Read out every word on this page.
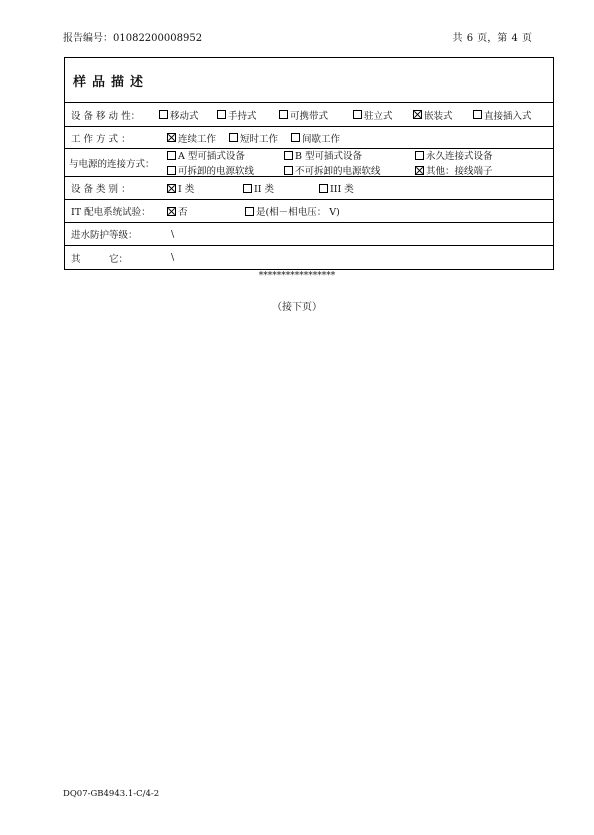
报告编号：0108220000895​2	共 6 页，第 4 页
样品描述
设 备 移 动 性：	移动式	手持式	可携带式	驻立式	嵌装式	直接插入式
工 作 方 式 ：	连续工作	短时工作	间歇工作
与电源的连接方式：
A 型可插式设备	B 型可插式设备	永久连接式设备
可拆卸的电源软线	不可拆卸的电源软线	其他：接线端子
设 备 类 别 ：	I 类	II 类	III 类
IT 配电系统试验：	否	是(相－相电压： V)
进水防护等级：	\
其　　　它：	\
*****************
（接下页）
DQ07-GB4943.1-C/4-2
